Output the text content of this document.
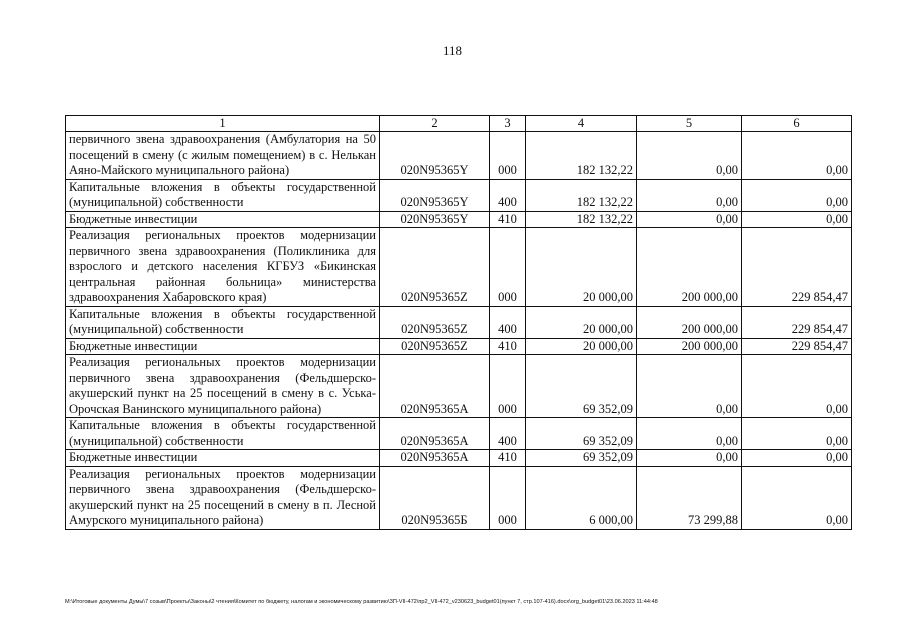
118
1	2	3	4	5	6
первичного звена здравоохранения (Амбулатория на 50 посещений в смену (с жилым помещением) в с. Нелькан Аяно-Майского муниципального района)	020N95365Y	000	182 132,22	0,00	0,00
Капитальные вложения в объекты государственной (муниципальной) собственности	020N95365Y	400	182 132,22	0,00	0,00
Бюджетные инвестиции	020N95365Y	410	182 132,22	0,00	0,00
Реализация региональных проектов модернизации первичного звена здравоохранения (Поликлиника для взрослого и детского населения КГБУЗ «Бикинская центральная районная больница» министерства здравоохранения Хабаровского края)	020N95365Z	000	20 000,00	200 000,00	229 854,47
Капитальные вложения в объекты государственной (муниципальной) собственности	020N95365Z	400	20 000,00	200 000,00	229 854,47
Бюджетные инвестиции	020N95365Z	410	20 000,00	200 000,00	229 854,47
Реализация региональных проектов модернизации первичного звена здравоохранения (Фельдшерско-акушерский пункт на 25 посещений в смену в с. Уська-Орочская Ванинского муниципального района)	020N95365A	000	69 352,09	0,00	0,00
Капитальные вложения в объекты государственной (муниципальной) собственности	020N95365A	400	69 352,09	0,00	0,00
Бюджетные инвестиции	020N95365A	410	69 352,09	0,00	0,00
Реализация региональных проектов модернизации первичного звена здравоохранения (Фельдшерско-акушерский пункт на 25 посещений в смену в п. Лесной Амурского муниципального района)	020N95365Б	000	6 000,00	73 299,88	0,00
M:\Итоговые документы Думы\7 созыв\Проекты\Законы\2 чтения\Комитет по бюджету, налогам и экономическому развитию\ЗП-VII-472\пр2_VII-472_v230623_budget01(пункт 7, стр.107-416).docx\org_budget01\23.06.2023 11:44:48
